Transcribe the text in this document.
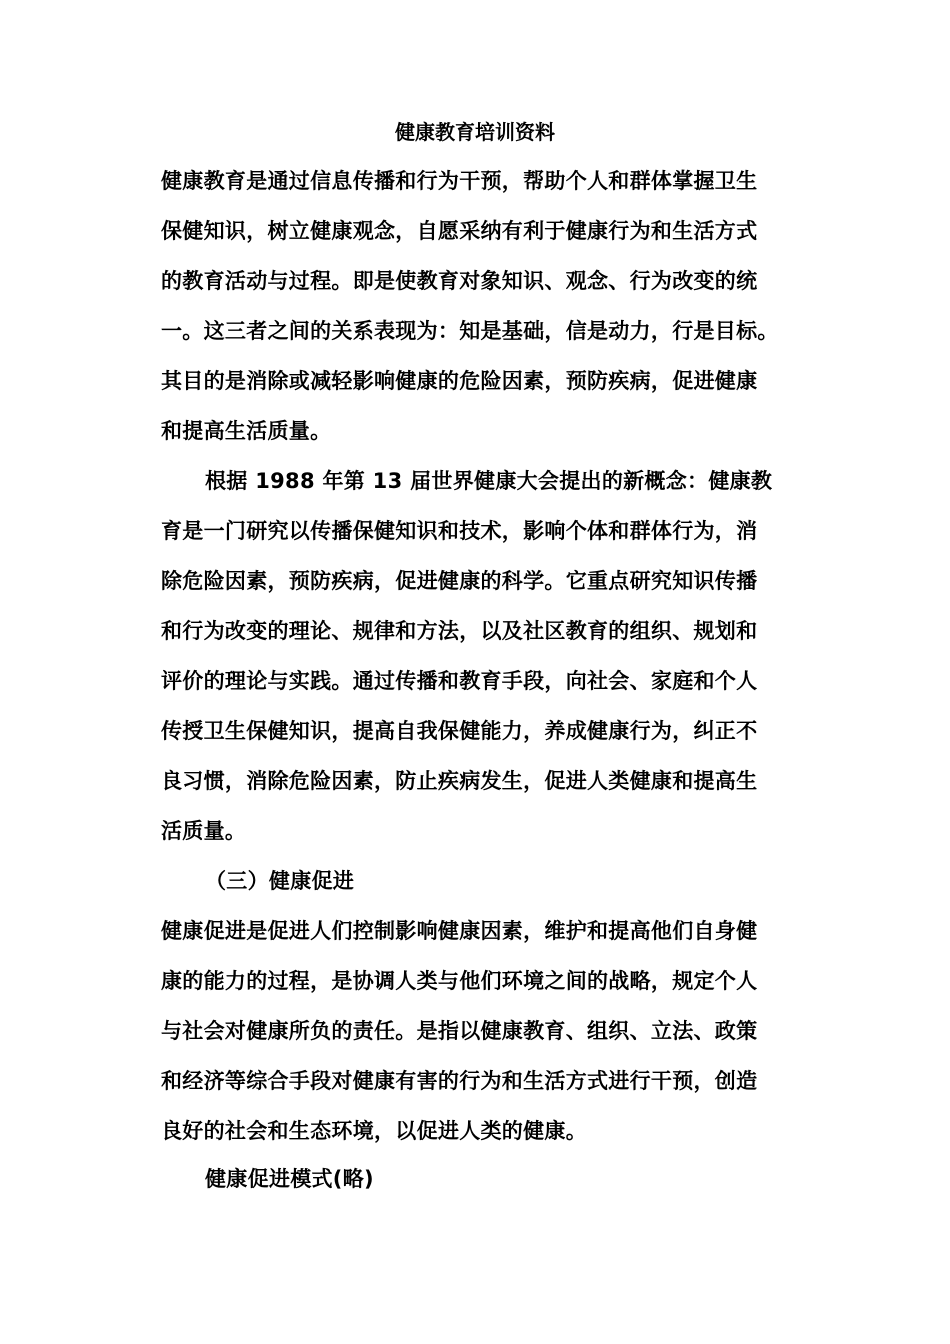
健康教育培训资料
健康教育是通过信息传播和行为干预，帮助个人和群体掌握卫生
保健知识，树立健康观念，自愿采纳有利于健康行为和生活方式
的教育活动与过程。即是使教育对象知识、观念、行为改变的统
一。这三者之间的关系表现为：知是基础，信是动力，行是目标。
其目的是消除或减轻影响健康的危险因素，预防疾病，促进健康
和提高生活质量。
根据 1988 年第 13 届世界健康大会提出的新概念：健康教
育是一门研究以传播保健知识和技术，影响个体和群体行为，消
除危险因素，预防疾病，促进健康的科学。它重点研究知识传播
和行为改变的理论、规律和方法，以及社区教育的组织、规划和
评价的理论与实践。通过传播和教育手段，向社会、家庭和个人
传授卫生保健知识，提高自我保健能力，养成健康行为，纠正不
良习惯，消除危险因素，防止疾病发生，促进人类健康和提高生
活质量。
（三）健康促进
健康促进是促进人们控制影响健康因素，维护和提高他们自身健
康的能力的过程，是协调人类与他们环境之间的战略，规定个人
与社会对健康所负的责任。是指以健康教育、组织、立法、政策
和经济等综合手段对健康有害的行为和生活方式进行干预，创造
良好的社会和生态环境，以促进人类的健康。
健康促进模式(略)
